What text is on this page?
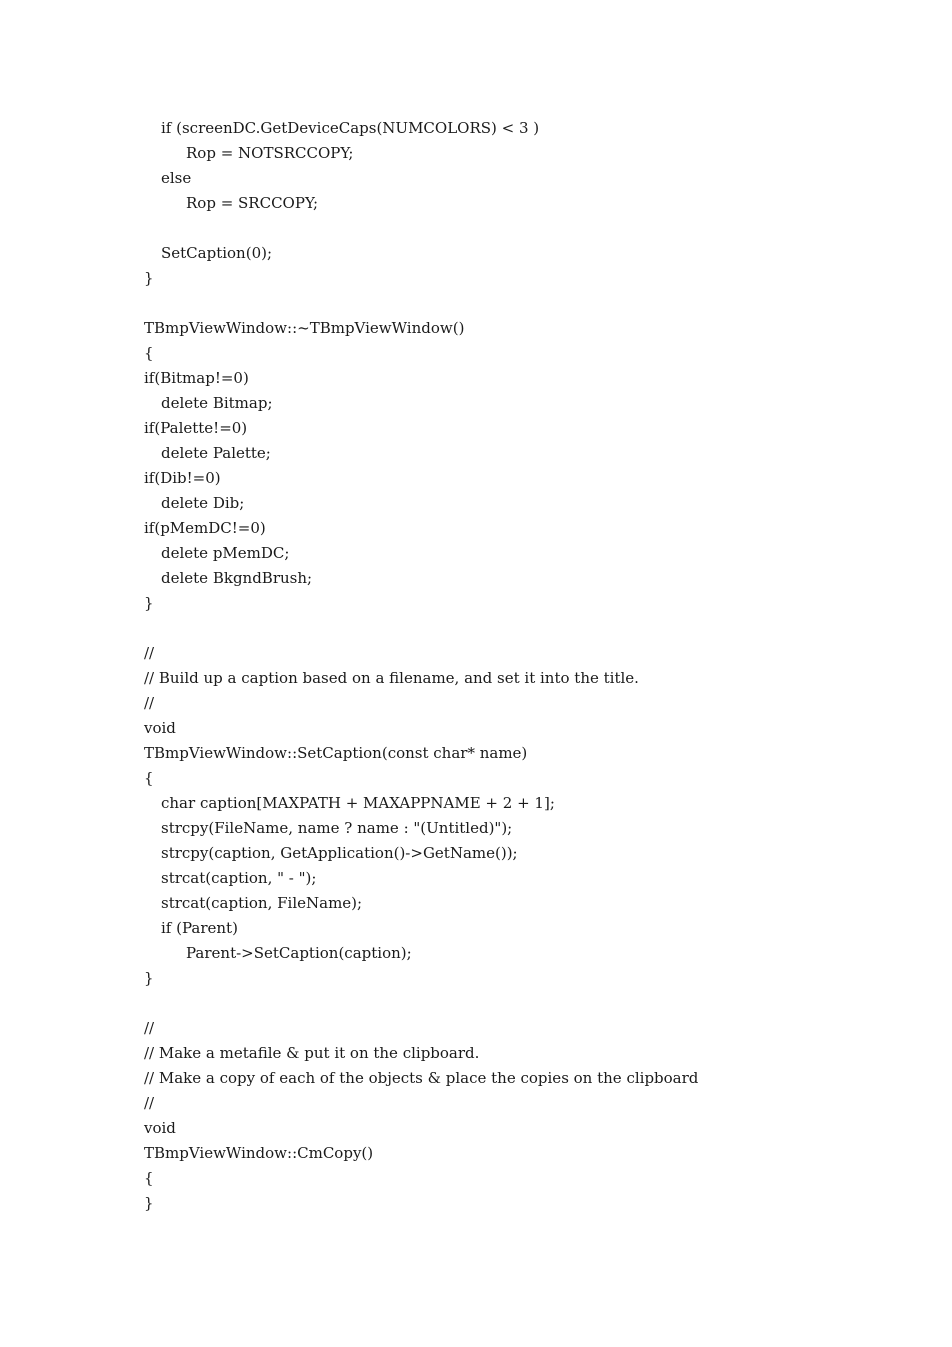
if (screenDC.GetDeviceCaps(NUMCOLORS) < 3 )
Rop = NOTSRCCOPY;
else
Rop = SRCCOPY;
SetCaption(0);
}
TBmpViewWindow::~TBmpViewWindow()
{
if(Bitmap!=0)
delete Bitmap;
if(Palette!=0)
delete Palette;
if(Dib!=0)
delete Dib;
if(pMemDC!=0)
delete pMemDC;
delete BkgndBrush;
}
//
// Build up a caption based on a filename, and set it into the title.
//
void
TBmpViewWindow::SetCaption(const char* name)
{
char caption[MAXPATH + MAXAPPNAME + 2 + 1];
strcpy(FileName, name ? name : "(Untitled)");
strcpy(caption, GetApplication()->GetName());
strcat(caption, " - ");
strcat(caption, FileName);
if (Parent)
Parent->SetCaption(caption);
}
//
// Make a metafile & put it on the clipboard.
// Make a copy of each of the objects & place the copies on the clipboard
//
void
TBmpViewWindow::CmCopy()
{
}
